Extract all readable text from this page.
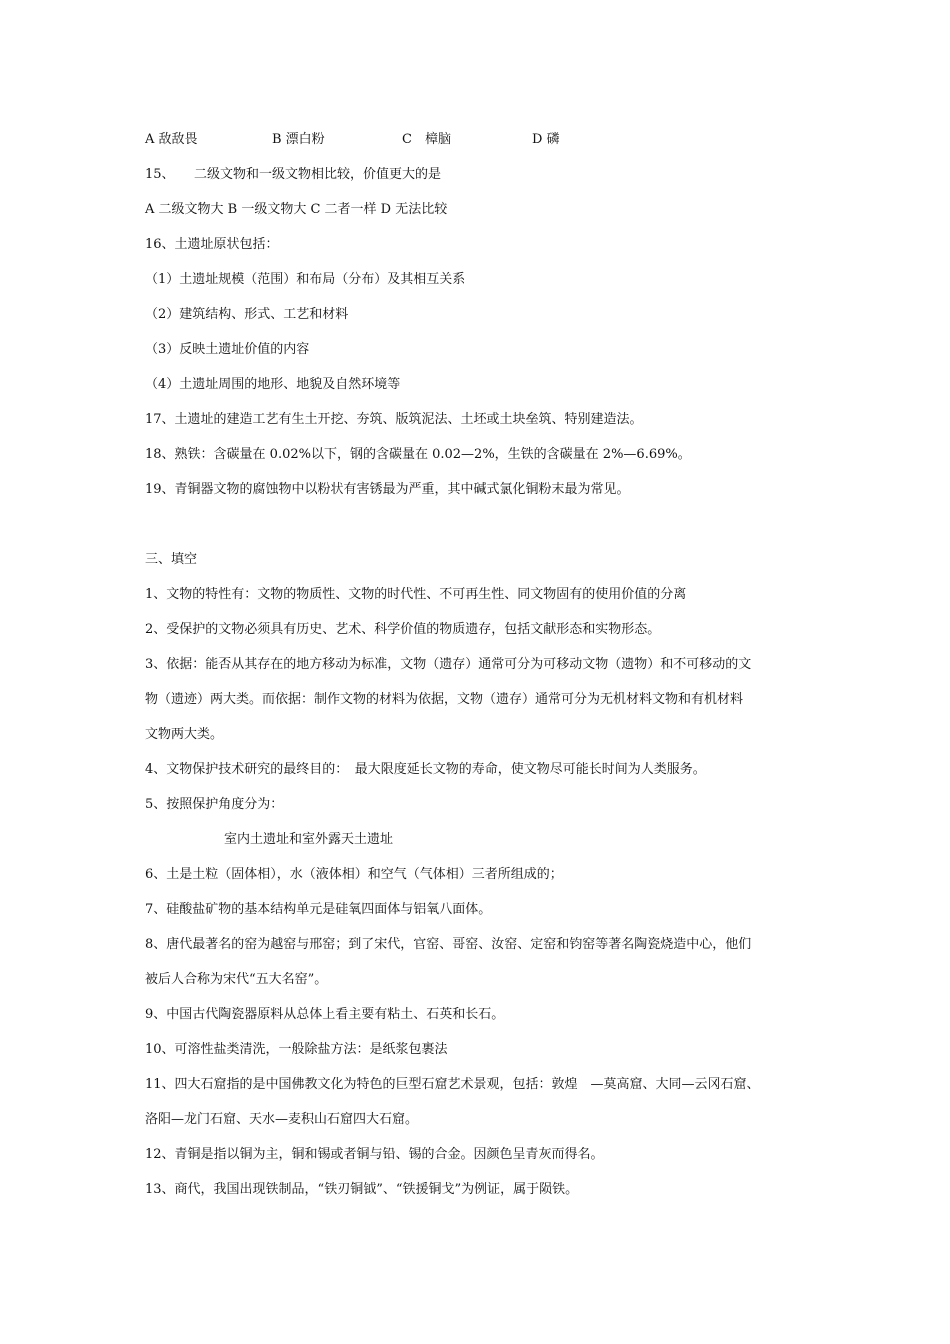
A 敌敌畏	B 漂白粉	C　樟脑	D 磷
15、　　二级文物和一级文物相比较，价值更大的是
A 二级文物大 B 一级文物大 C 二者一样 D 无法比较
16、土遗址原状包括：
（1）土遗址规模（范围）和布局（分布）及其相互关系
（2）建筑结构、形式、工艺和材料
（3）反映土遗址价值的内容
（4）土遗址周围的地形、地貌及自然环境等
17、土遗址的建造工艺有生土开挖、夯筑、版筑泥法、土坯或土块垒筑、特别建造法。
18、熟铁：含碳量在 0.02%以下，钢的含碳量在 0.02—2%，生铁的含碳量在 2%—6.69%。
19、青铜器文物的腐蚀物中以粉状有害锈最为严重，其中碱式氯化铜粉末最为常见。
三、填空
1、文物的特性有：文物的物质性、文物的时代性、不可再生性、同文物固有的使用价值的分离
2、受保护的文物必须具有历史、艺术、科学价值的物质遗存，包括文献形态和实物形态。
3、依据：能否从其存在的地方移动为标准，文物（遗存）通常可分为可移动文物（遗物）和不可移动的文
物（遗迹）两大类。而依据：制作文物的材料为依据，文物（遗存）通常可分为无机材料文物和有机材料
文物两大类。
4、文物保护技术研究的最终目的：　最大限度延长文物的寿命，使文物尽可能长时间为人类服务。
5、按照保护角度分为：
室内土遗址和室外露天土遗址
6、土是土粒（固体相），水（液体相）和空气（气体相）三者所组成的；
7、硅酸盐矿物的基本结构单元是硅氧四面体与铝氧八面体。
8、唐代最著名的窑为越窑与邢窑；到了宋代，官窑、哥窑、汝窑、定窑和钧窑等著名陶瓷烧造中心，他们
被后人合称为宋代“五大名窑”。
9、中国古代陶瓷器原料从总体上看主要有粘土、石英和长石。
10、可溶性盐类清洗，一般除盐方法：是纸浆包裹法
11、四大石窟指的是中国佛教文化为特色的巨型石窟艺术景观，包括：敦煌　—莫高窟、大同—云冈石窟、
洛阳—龙门石窟、天水—麦积山石窟四大石窟。
12、青铜是指以铜为主，铜和锡或者铜与铅、锡的合金。因颜色呈青灰而得名。
13、商代，我国出现铁制品，“铁刃铜钺”、“铁援铜戈”为例证，属于陨铁。
